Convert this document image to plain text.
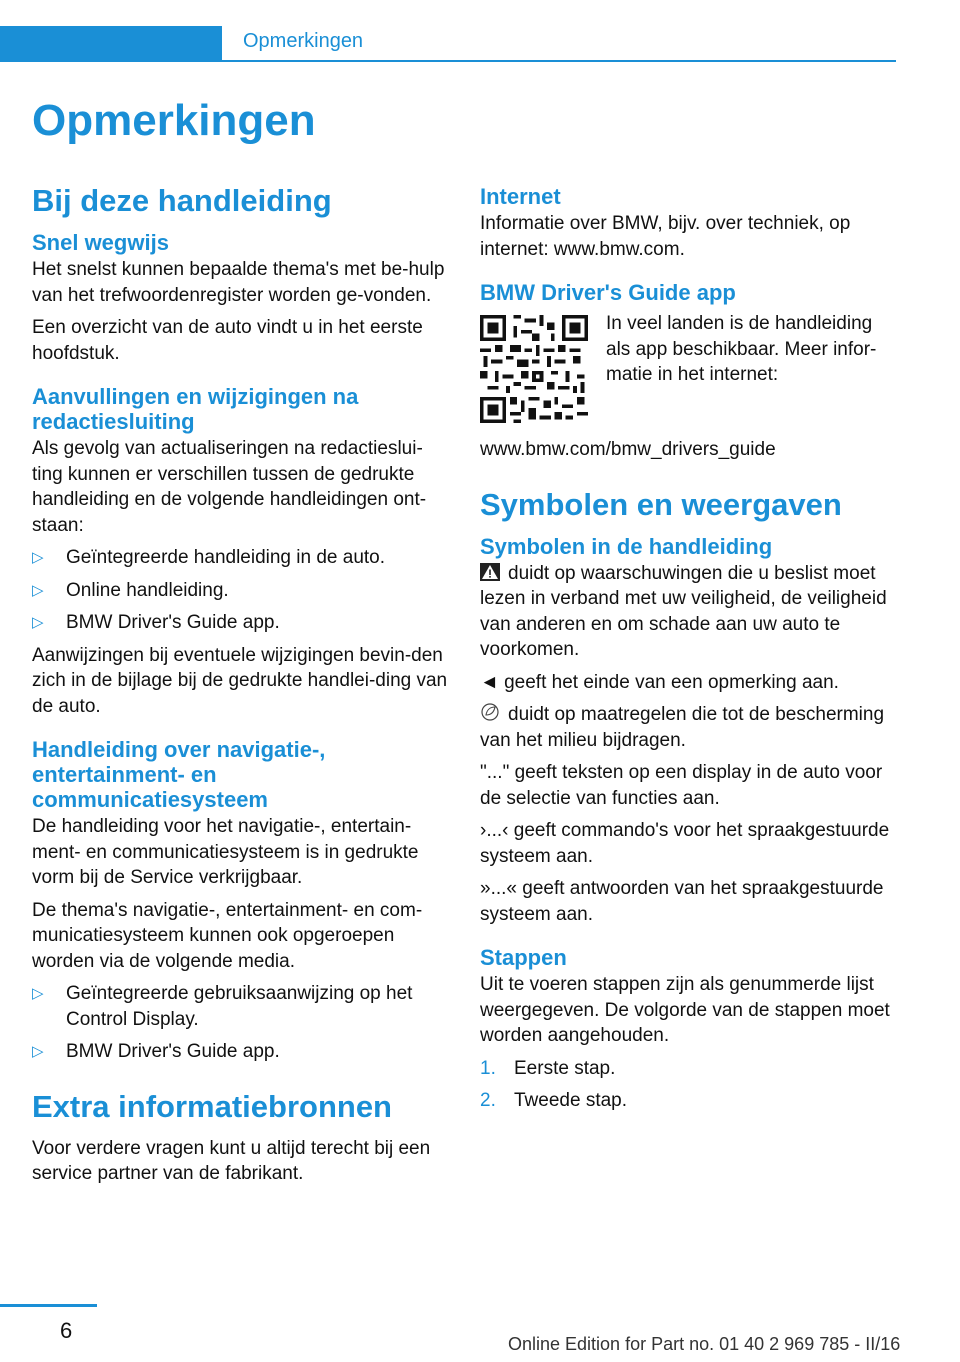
Opmerkingen
Opmerkingen
Bij deze handleiding
Snel wegwijs

Het snelst kunnen bepaalde thema's met be-hulp van het trefwoordenregister worden ge-vonden.

Een overzicht van de auto vindt u in het eerste hoofdstuk.

Aanvullingen en wijzigingen na redactiesluiting

Als gevolg van actualiseringen na redactieslui-ting kunnen er verschillen tussen de gedrukte handleiding en de volgende handleidingen ont-staan:

▷ Geïntegreerde handleiding in de auto.
▷ Online handleiding.
▷ BMW Driver's Guide app.

Aanwijzingen bij eventuele wijzigingen bevin-den zich in de bijlage bij de gedrukte handlei-ding van de auto.

Handleiding over navigatie-, entertainment- en communicatiesysteem

De handleiding voor het navigatie-, entertain-ment- en communicatiesysteem is in gedrukte vorm bij de Service verkrijgbaar.

De thema's navigatie-, entertainment- en com-municatiesysteem kunnen ook opgeroepen worden via de volgende media.

▷ Geïntegreerde gebruiksaanwijzing op het Control Display.
▷ BMW Driver's Guide app.
Extra informatiebronnen

Voor verdere vragen kunt u altijd terecht bij een service partner van de fabrikant.

Internet

Informatie over BMW, bijv. over techniek, op internet: www.bmw.com.

BMW Driver's Guide app

In veel landen is de handleiding als app beschikbaar. Meer infor-matie in het internet:

www.bmw.com/bmw_drivers_guide

Symbolen en weergaven
Symbolen in de handleiding

duidt op waarschuwingen die u beslist moet lezen in verband met uw veiligheid, de veiligheid van anderen en om schade aan uw auto te voorkomen.

◄ geeft het einde van een opmerking aan.

duidt op maatregelen die tot de bescherming van het milieu bijdragen.

"..." geeft teksten op een display in de auto voor de selectie van functies aan.

›...‹ geeft commando's voor het spraakgestuurde systeem aan.

»...« geeft antwoorden van het spraakgestuurde systeem aan.

Stappen

Uit te voeren stappen zijn als genummerde lijst weergegeven. De volgorde van de stappen moet worden aangehouden.

1. Eerste stap.
2. Tweede stap.
6
Online Edition for Part no. 01 40 2 969 785 - II/16
